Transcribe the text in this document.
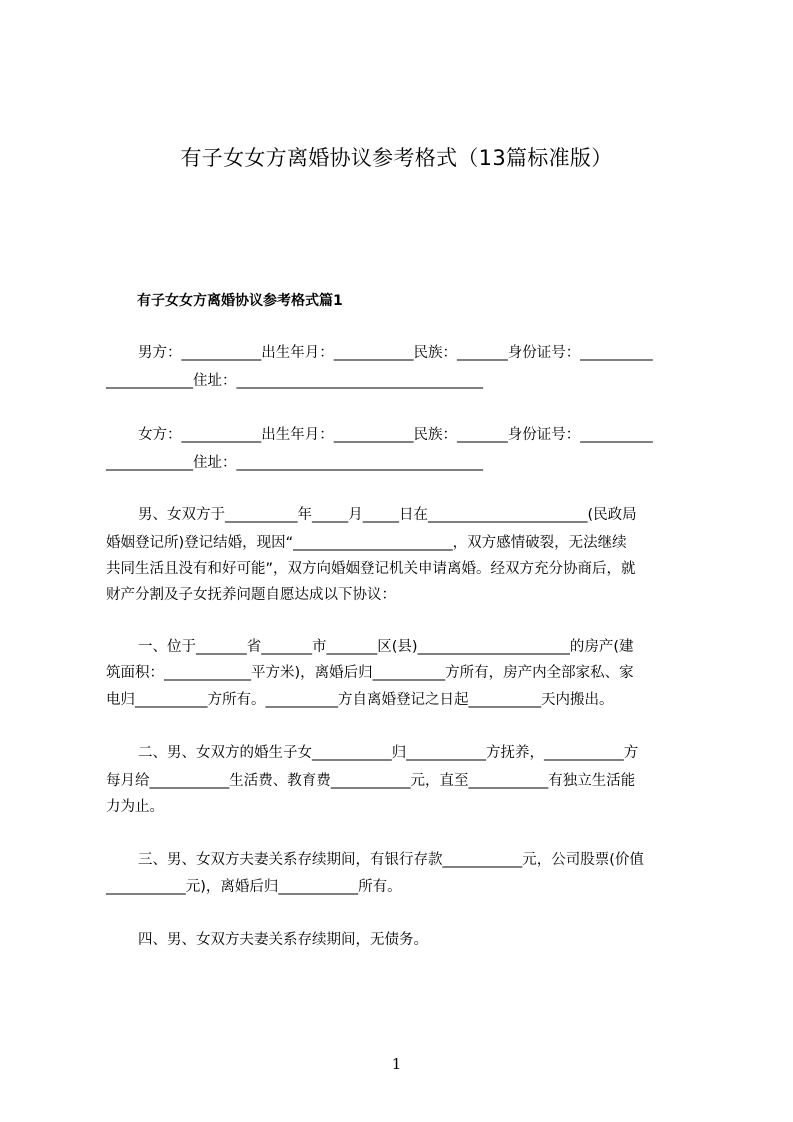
有子女女方离婚协议参考格式（13篇标准版）
有子女女方离婚协议参考格式篇1
男方：___________出生年月：___________民族：_______身份证号：__________
____________住址：__________________________________
女方：___________出生年月：___________民族：_______身份证号：__________
____________住址：__________________________________
男、女双方于__________年_____月_____日在______________________(民政局
婚姻登记所)登记结婚，现因“______________________，双方感情破裂，无法继续
共同生活且没有和好可能”，双方向婚姻登记机关申请离婚。经双方充分协商后，就
财产分割及子女抚养问题自愿达成以下协议：
一、位于_______省_______市_______区(县)_____________________的房产(建
筑面积：____________平方米)，离婚后归__________方所有，房产内全部家私、家
电归__________方所有。__________方自离婚登记之日起__________天内搬出。
二、男、女双方的婚生子女___________归___________方抚养，___________方
每月给___________生活费、教育费___________元，直至___________有独立生活能
力为止。
三、男、女双方夫妻关系存续期间，有银行存款___________元，公司股票(价值
___________元)，离婚后归___________所有。
四、男、女双方夫妻关系存续期间，无债务。
1
